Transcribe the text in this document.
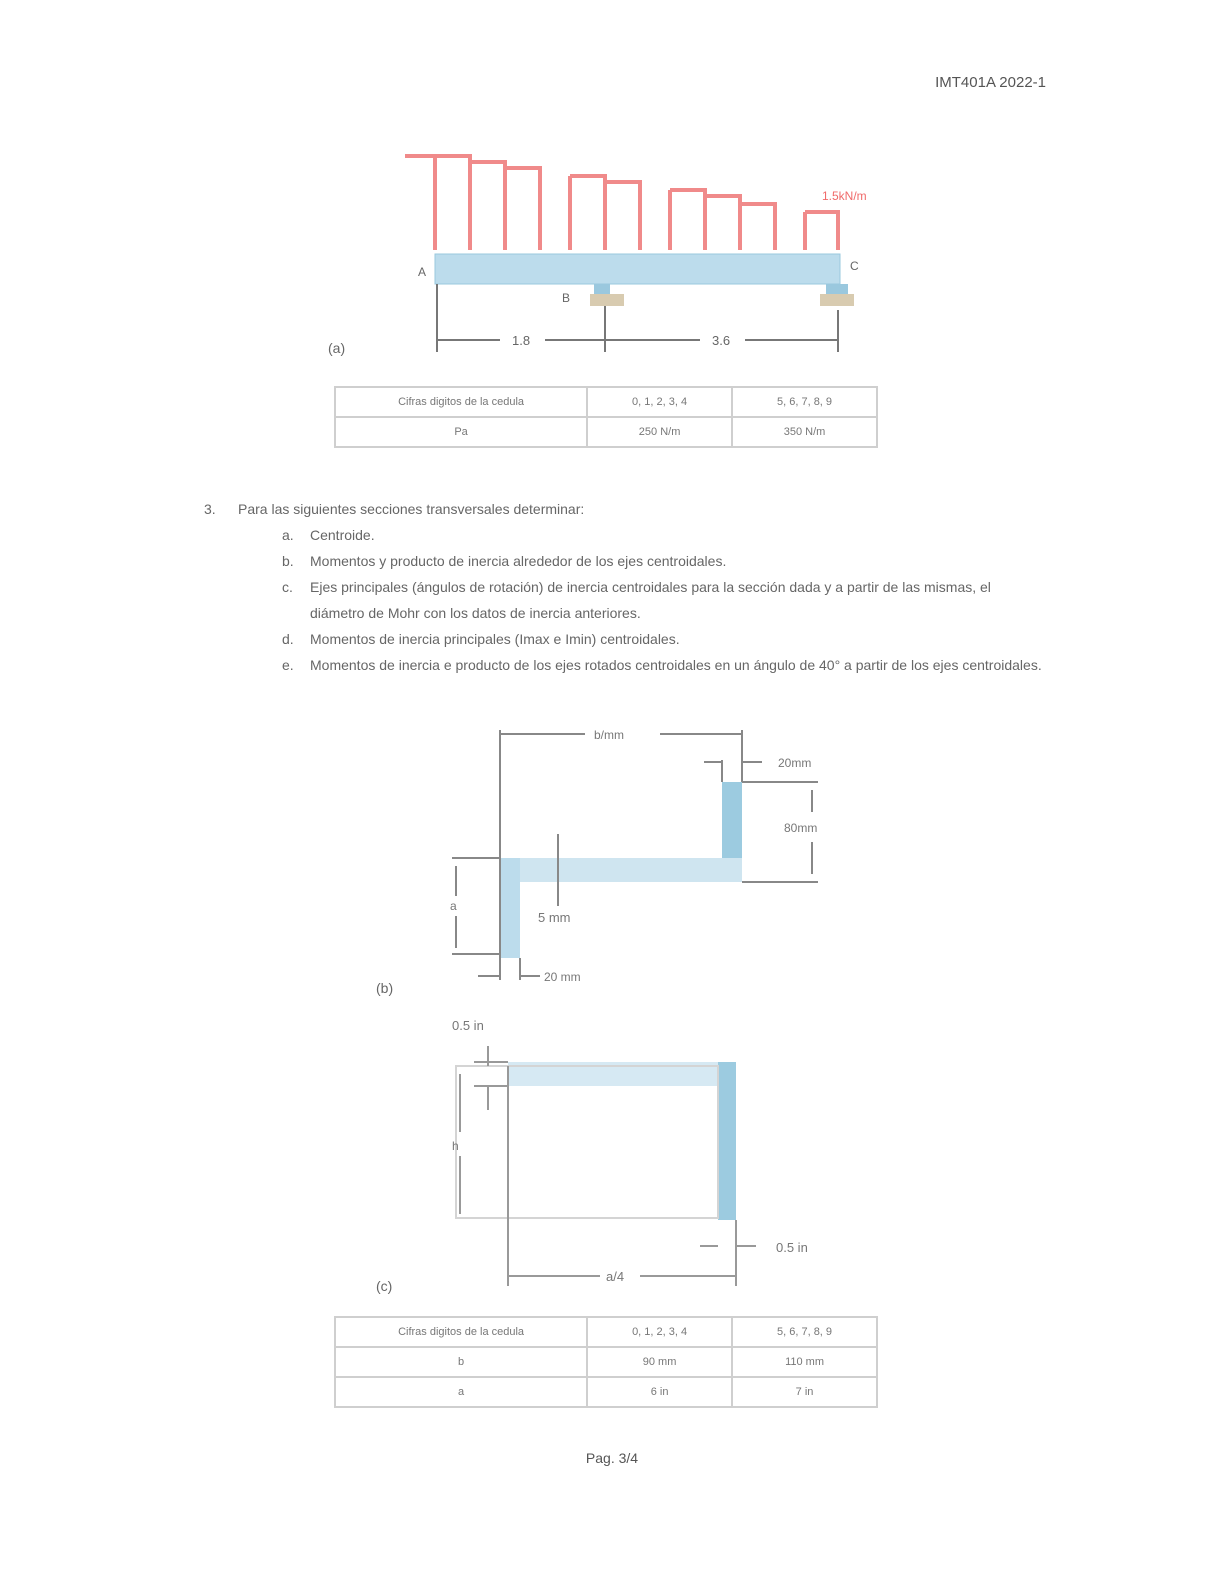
IMT401A 2022-1
1.5kN/m
A	C
B
1.8	3.6
(a)
Cifras digitos de la cedula	0, 1, 2, 3, 4	5, 6, 7, 8, 9
Pa	250 N/m	350 N/m
3. Para las siguientes secciones transversales determinar:
a. Centroide.
b. Momentos y producto de inercia alrededor de los ejes centroidales.
c. Ejes principales (ángulos de rotación) de inercia centroidales para la sección dada y a partir de las mismas, el diámetro de Mohr con los datos de inercia anteriores.
d. Momentos de inercia principales (Imax e Imin) centroidales.
e. Momentos de inercia e producto de los ejes rotados centroidales en un ángulo de 40° a partir de los ejes centroidales.
b/mm
20mm
80mm
5 mm
a
20 mm
(b)
0.5 in
h
0.5 in
a/4
(c)
Cifras digitos de la cedula	0, 1, 2, 3, 4	5, 6, 7, 8, 9
b	90 mm	110 mm
a	6 in	7 in
Pag. 3/4
